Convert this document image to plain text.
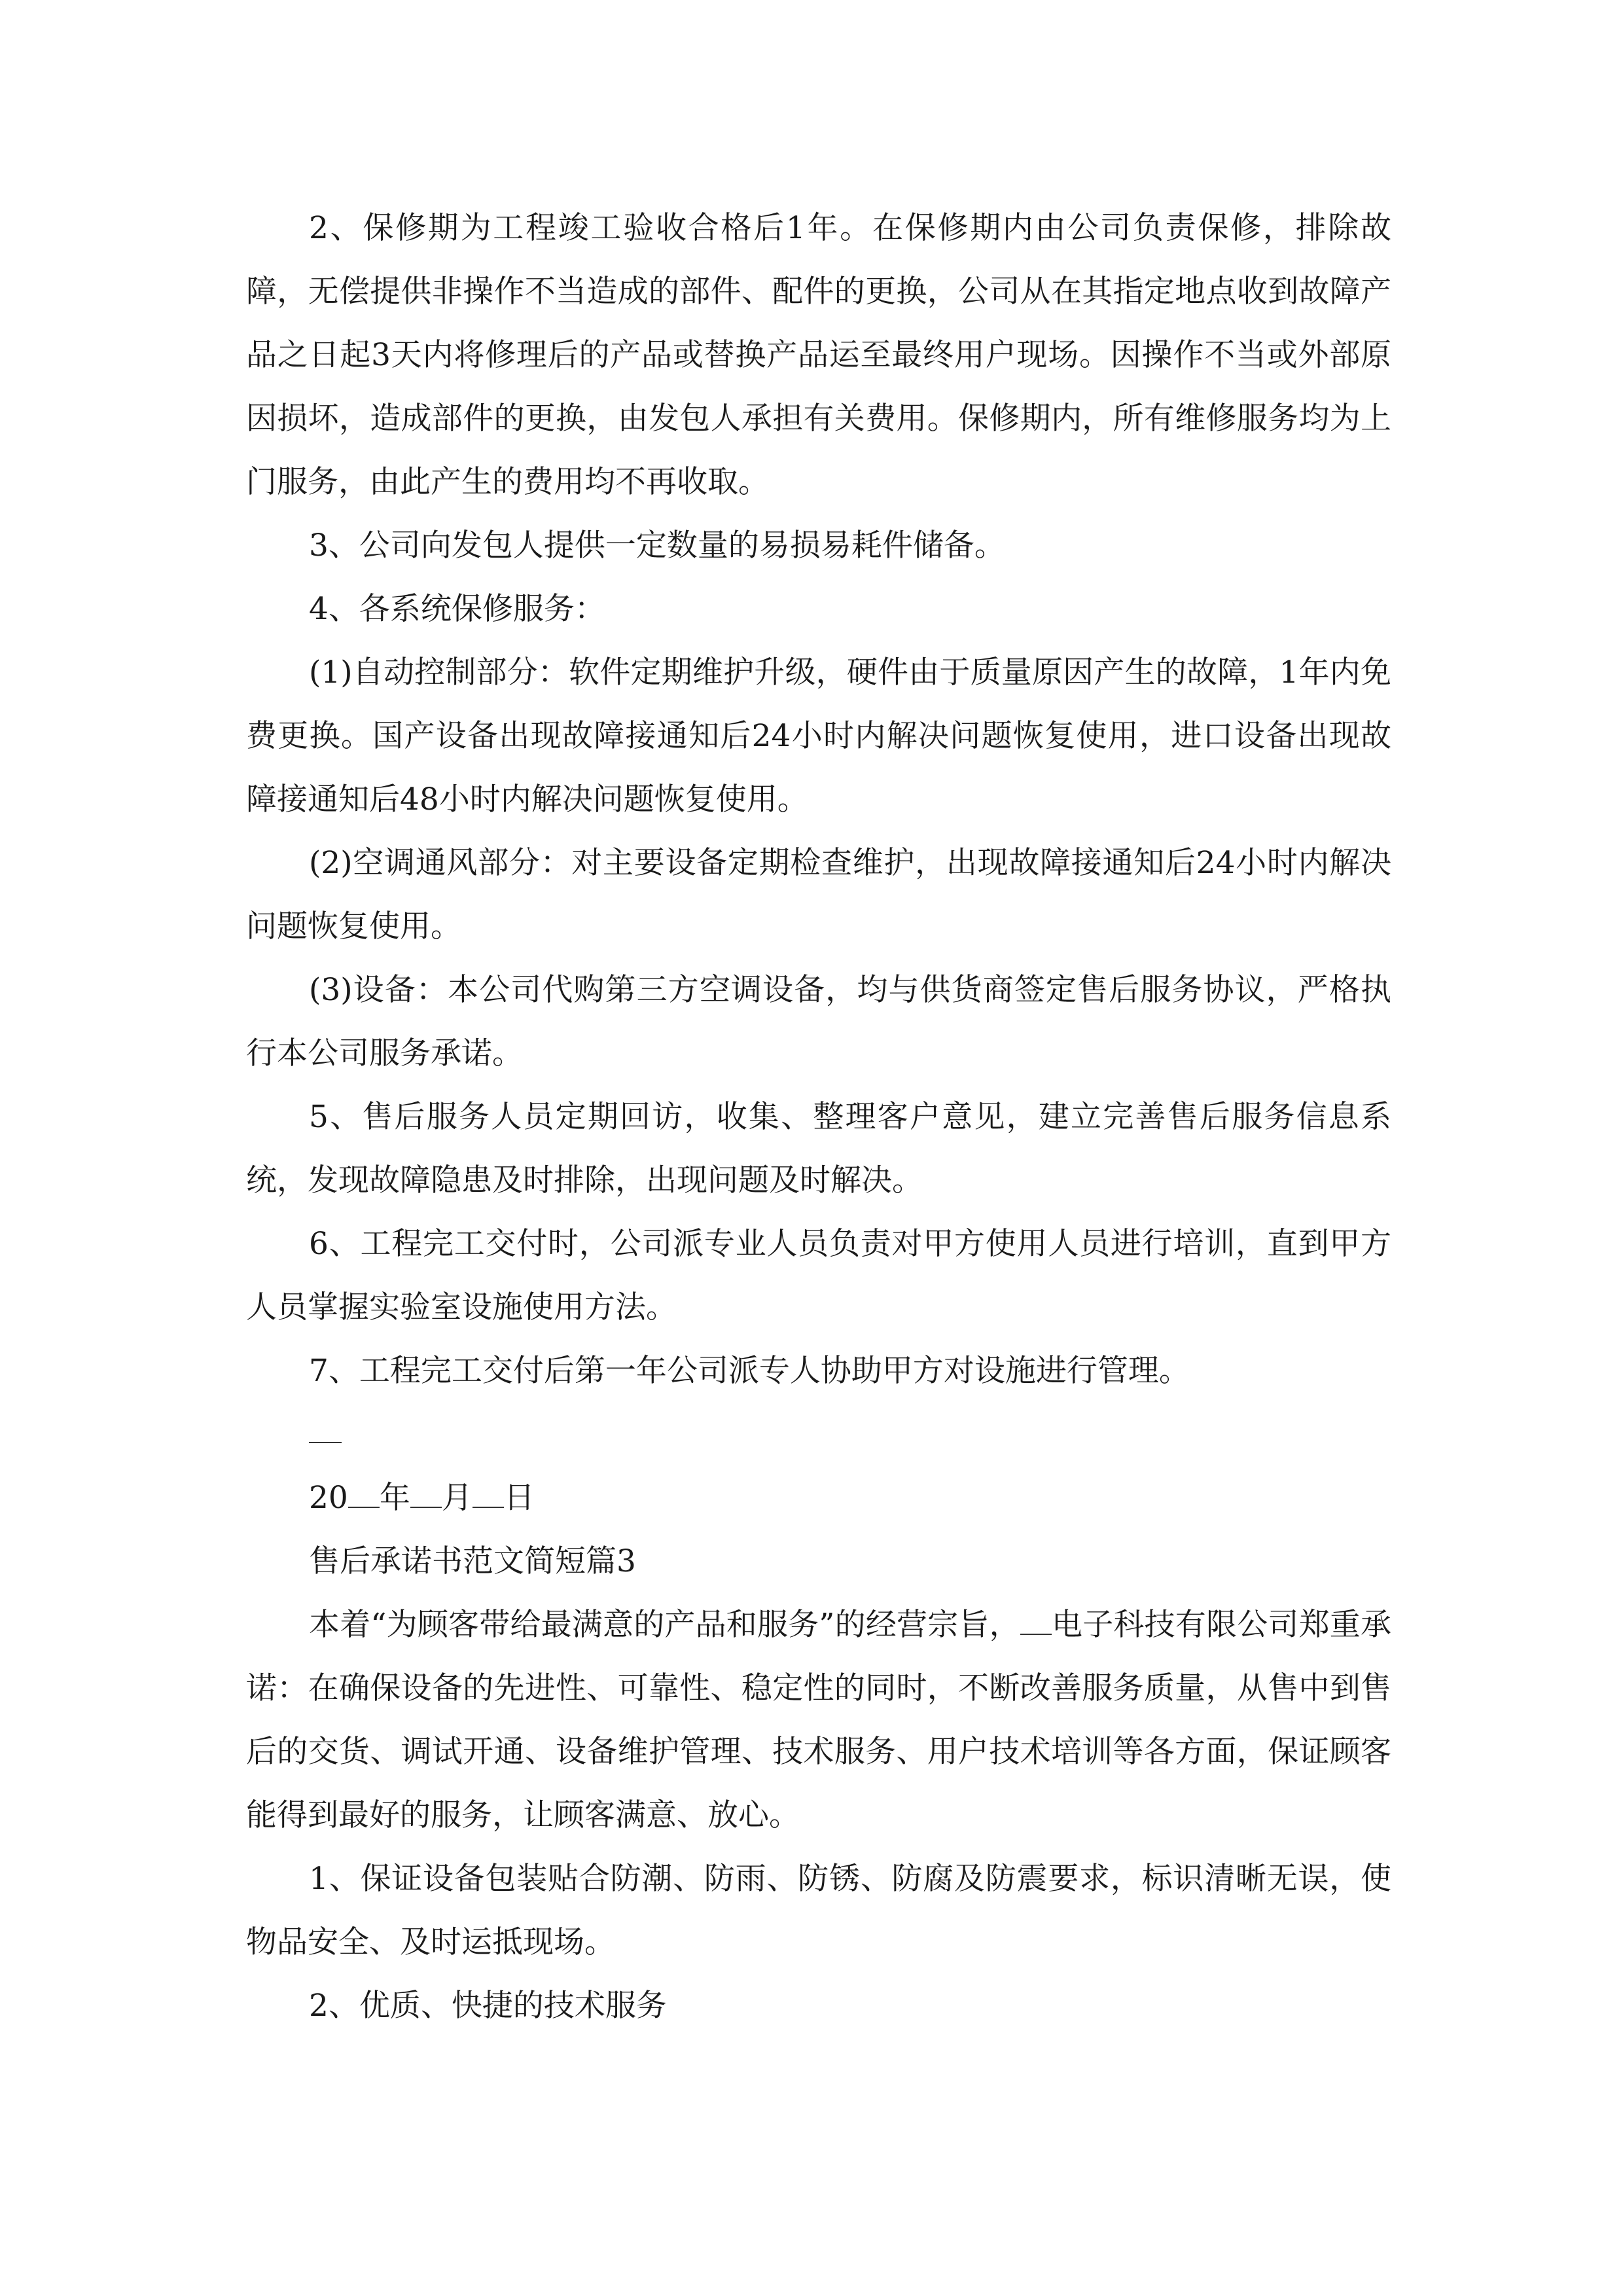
2、保修期为工程竣工验收合格后1年。在保修期内由公司负责保修，排除故障，无偿提供非操作不当造成的部件、配件的更换，公司从在其指定地点收到故障产品之日起3天内将修理后的产品或替换产品运至最终用户现场。因操作不当或外部原因损坏，造成部件的更换，由发包人承担有关费用。保修期内，所有维修服务均为上门服务，由此产生的费用均不再收取。

3、公司向发包人提供一定数量的易损易耗件储备。

4、各系统保修服务：

(1)自动控制部分：软件定期维护升级，硬件由于质量原因产生的故障，1年内免费更换。国产设备出现故障接通知后24小时内解决问题恢复使用，进口设备出现故障接通知后48小时内解决问题恢复使用。

(2)空调通风部分：对主要设备定期检查维护，出现故障接通知后24小时内解决问题恢复使用。

(3)设备：本公司代购第三方空调设备，均与供货商签定售后服务协议，严格执行本公司服务承诺。

5、售后服务人员定期回访，收集、整理客户意见，建立完善售后服务信息系统，发现故障隐患及时排除，出现问题及时解决。

6、工程完工交付时，公司派专业人员负责对甲方使用人员进行培训，直到甲方人员掌握实验室设施使用方法。

7、工程完工交付后第一年公司派专人协助甲方对设施进行管理。

20 年 月 日

售后承诺书范文简短篇3

本着“为顾客带给最满意的产品和服务”的经营宗旨， 电子科技有限公司郑重承诺：在确保设备的先进性、可靠性、稳定性的同时，不断改善服务质量，从售中到售后的交货、调试开通、设备维护管理、技术服务、用户技术培训等各方面，保证顾客能得到最好的服务，让顾客满意、放心。

1、保证设备包装贴合防潮、防雨、防锈、防腐及防震要求，标识清晰无误，使物品安全、及时运抵现场。

2、优质、快捷的技术服务
